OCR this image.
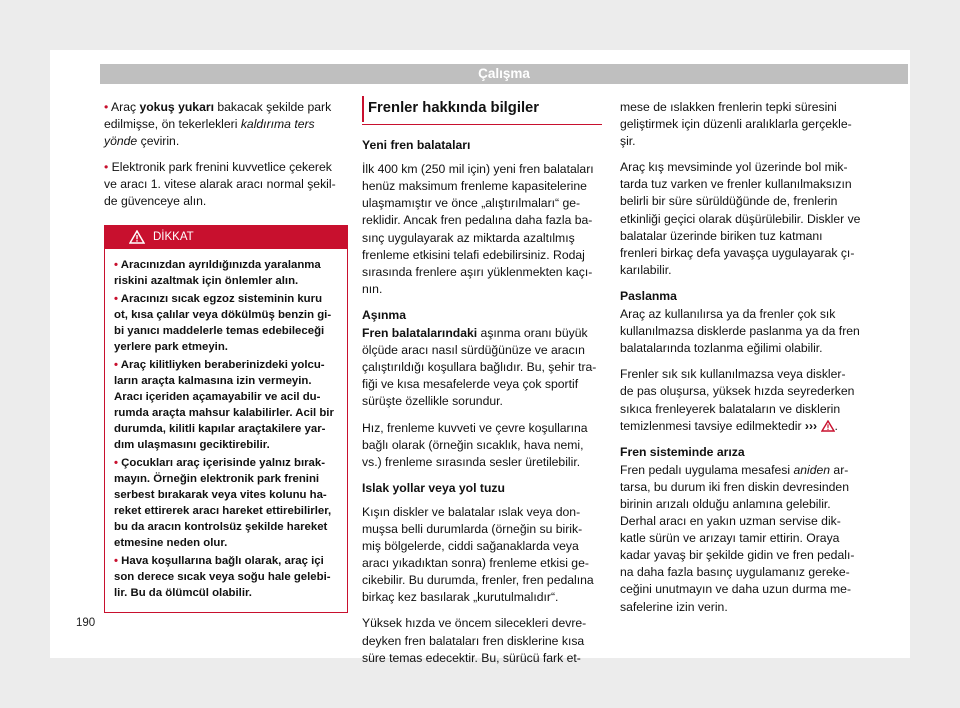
Çalışma

• Araç yokuş yukarı bakacak şekilde park edilmişse, ön tekerlekleri kaldırıma ters yönde çevirin.

• Elektronik park frenini kuvvetlice çekerek ve aracı 1. vitese alarak aracı normal şekil- de güvenceye alın.

DİKKAT

• Aracınızdan ayrıldığınızda yaralanma riskini azaltmak için önlemler alın.

• Aracınızı sıcak egzoz sisteminin kuru ot, kısa çalılar veya dökülmüş benzin gi- bi yanıcı maddelerle temas edebileceği yerlere park etmeyin.

• Araç kilitliyken beraberinizdeki yolcu- ların araçta kalmasına izin vermeyin. Aracı içeriden açamayabilir ve acil du- rumda araçta mahsur kalabilirler. Acil bir durumda, kilitli kapılar araçtakilere yar- dım ulaşmasını geciktirebilir.

• Çocukları araç içerisinde yalnız bırak- mayın. Örneğin elektronik park frenini serbest bırakarak veya vites kolunu ha- reket ettirerek aracı hareket ettirebilirler, bu da aracın kontrolsüz şekilde hareket etmesine neden olur.

• Hava koşullarına bağlı olarak, araç içi son derece sıcak veya soğu hale gelebi- lir. Bu da ölümcül olabilir.

Frenler hakkında bilgiler

Yeni fren balataları

İlk 400 km (250 mil için) yeni fren balataları henüz maksimum frenleme kapasitelerine ulaşmamıştır ve önce „alıştırılmaları“ ge- reklidir. Ancak fren pedalına daha fazla ba- sınç uygulayarak az miktarda azaltılmış frenleme etkisini telafi edebilirsiniz. Rodaj sırasında frenlere aşırı yüklenmekten kaçı- nın.

Aşınma

Fren balatalarındaki aşınma oranı büyük ölçüde aracı nasıl sürdüğünüze ve aracın çalıştırıldığı koşullara bağlıdır. Bu, şehir tra- fiği ve kısa mesafelerde veya çok sportif sürüşte özellikle sorundur.

Hız, frenleme kuvveti ve çevre koşullarına bağlı olarak (örneğin sıcaklık, hava nemi, vs.) frenleme sırasında sesler üretilebilir.

Islak yollar veya yol tuzu

Kışın diskler ve balatalar ıslak veya don- muşsa belli durumlarda (örneğin su birik- miş bölgelerde, ciddi sağanaklarda veya aracı yıkadıktan sonra) frenleme etkisi ge- cikebilir. Bu durumda, frenler, fren pedalına birkaç kez basılarak „kurutulmalıdır“.

Yüksek hızda ve öncem silecekleri devre- deyken fren balataları fren disklerine kısa süre temas edecektir. Bu, sürücü fark et-

mese de ıslakken frenlerin tepki süresini geliştirmek için düzenli aralıklarla gerçekle- şir.

Araç kış mevsiminde yol üzerinde bol mik- tarda tuz varken ve frenler kullanılmaksızın belirli bir süre sürüldüğünde de, frenlerin etkinliği geçici olarak düşürülebilir. Diskler ve balatalar üzerinde biriken tuz katmanı frenleri birkaç defa yavaşça uygulayarak çı- karılabilir.

Paslanma

Araç az kullanılırsa ya da frenler çok sık kullanılmazsa disklerde paslanma ya da fren balatalarında tozlanma eğilimi olabilir.

Frenler sık sık kullanılmazsa veya diskler- de pas oluşursa, yüksek hızda seyrederken sıkıca frenleyerek balataların ve disklerin temizlenmesi tavsiye edilmektedir ››› .

Fren sisteminde arıza

Fren pedalı uygulama mesafesi aniden ar- tarsa, bu durum iki fren diskin devresinden birinin arızalı olduğu anlamına gelebilir. Derhal aracı en yakın uzman servise dik- katle sürün ve arızayı tamir ettirin. Oraya kadar yavaş bir şekilde gidin ve fren pedalı- na daha fazla basınç uygulamanız gereke- ceğini unutmayın ve daha uzun durma me- safelerine izin verin.

190
